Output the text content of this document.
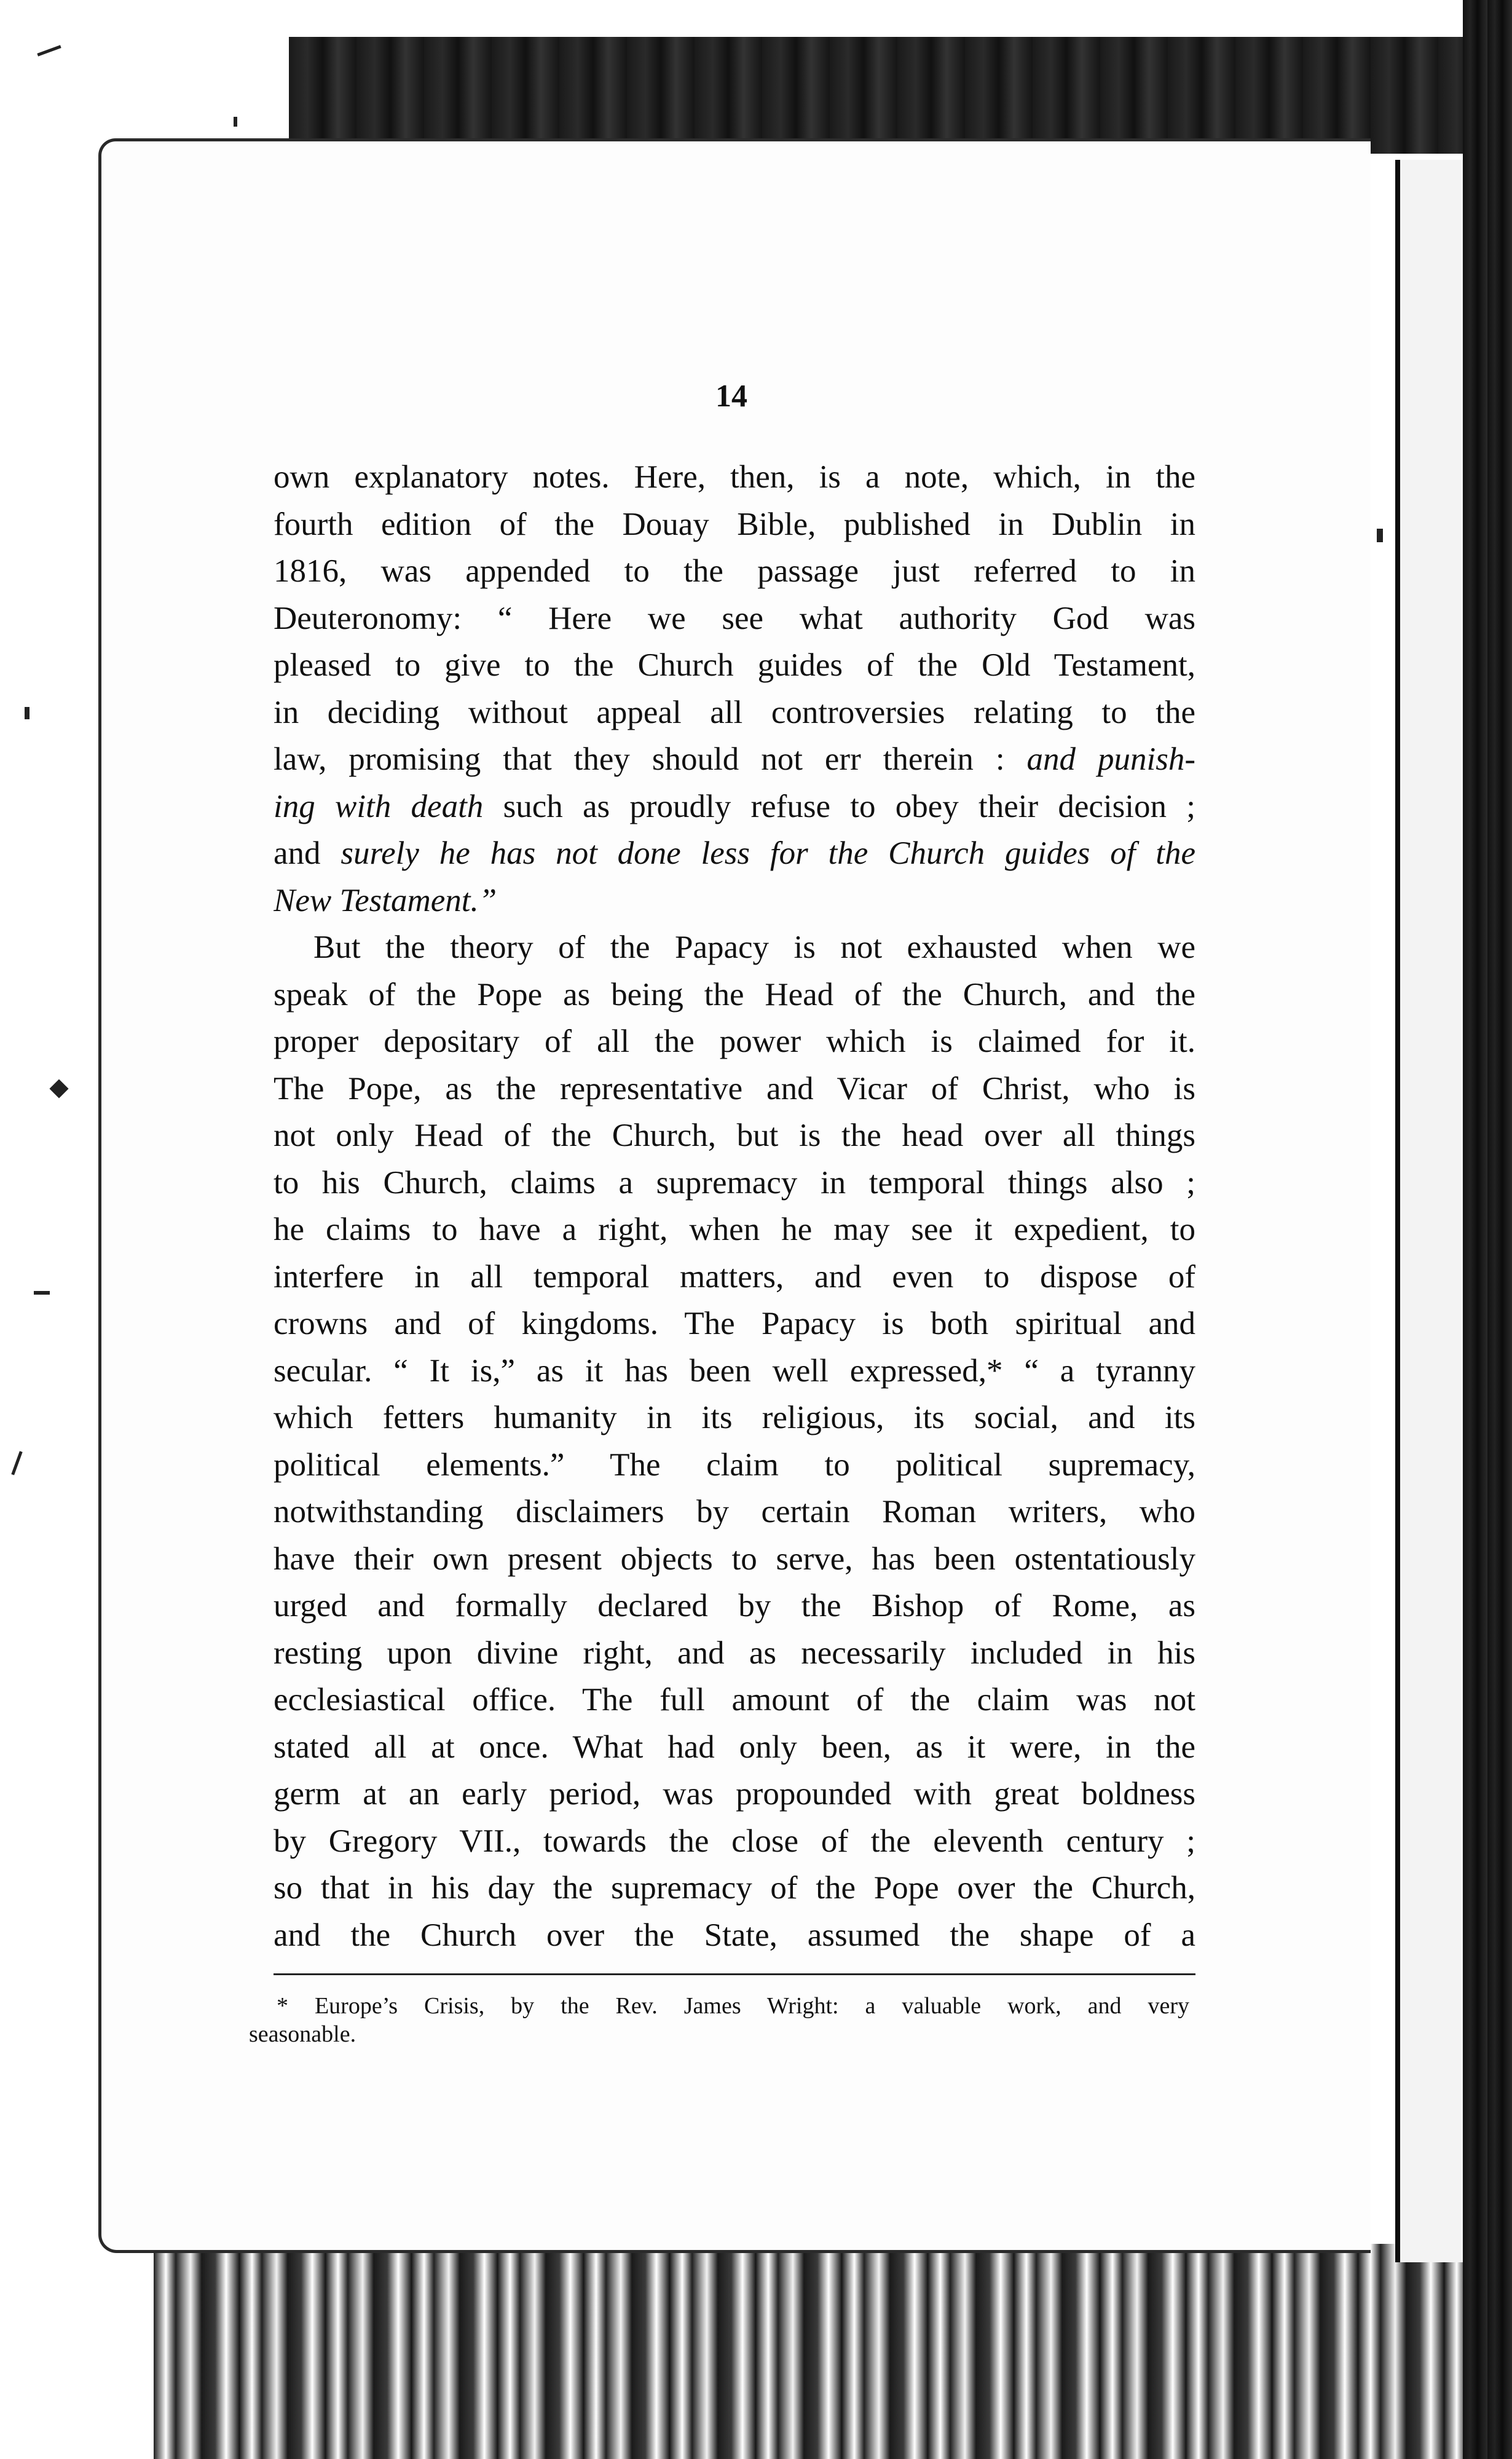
14

own explanatory notes. Here, then, is a note, which, in the
fourth edition of the Douay Bible, published in Dublin in
1816, was appended to the passage just referred to in
Deuteronomy: “ Here we see what authority God was
pleased to give to the Church guides of the Old Testament,
in deciding without appeal all controversies relating to the
law, promising that they should not err therein : and punish-
ing with death such as proudly refuse to obey their decision ;
and surely he has not done less for the Church guides of the
New Testament.”
But the theory of the Papacy is not exhausted when we
speak of the Pope as being the Head of the Church, and the
proper depositary of all the power which is claimed for it.
The Pope, as the representative and Vicar of Christ, who is
not only Head of the Church, but is the head over all things
to his Church, claims a supremacy in temporal things also ;
he claims to have a right, when he may see it expedient, to
interfere in all temporal matters, and even to dispose of
crowns and of kingdoms. The Papacy is both spiritual and
secular. “ It is,” as it has been well expressed,* “ a tyranny
which fetters humanity in its religious, its social, and its
political elements.” The claim to political supremacy,
notwithstanding disclaimers by certain Roman writers, who
have their own present objects to serve, has been ostentatiously
urged and formally declared by the Bishop of Rome, as
resting upon divine right, and as necessarily included in his
ecclesiastical office. The full amount of the claim was not
stated all at once. What had only been, as it were, in the
germ at an early period, was propounded with great boldness
by Gregory VII., towards the close of the eleventh century ;
so that in his day the supremacy of the Pope over the Church,
and the Church over the State, assumed the shape of a
* Europe’s Crisis, by the Rev. James Wright: a valuable work, and very
seasonable.
